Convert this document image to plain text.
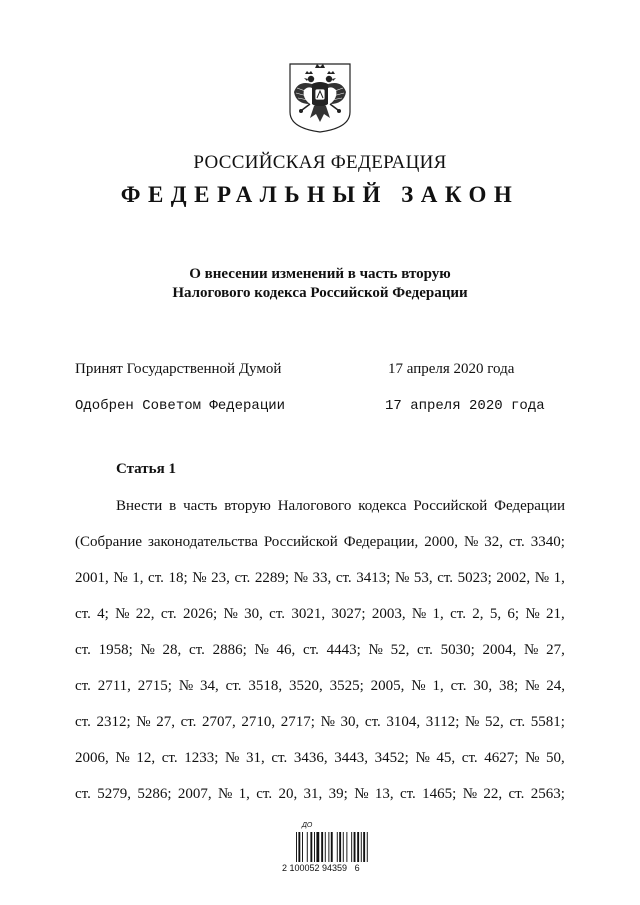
РОССИЙСКАЯ ФЕДЕРАЦИЯ
ФЕДЕРАЛЬНЫЙ ЗАКОН
О внесении изменений в часть вторую
Налогового кодекса Российской Федерации
Принят Государственной Думой	17 апреля 2020 года
Одобрен Советом Федерации	17 апреля 2020 года
Статья 1
Внести в часть вторую Налогового кодекса Российской Федерации
(Собрание законодательства Российской Федерации, 2000, № 32, ст. 3340;
2001, № 1, ст. 18; № 23, ст. 2289; № 33, ст. 3413; № 53, ст. 5023; 2002, № 1,
ст. 4; № 22, ст. 2026; № 30, ст. 3021, 3027; 2003, № 1, ст. 2, 5, 6; № 21,
ст. 1958; № 28, ст. 2886; № 46, ст. 4443; № 52, ст. 5030; 2004, № 27,
ст. 2711, 2715; № 34, ст. 3518, 3520, 3525; 2005, № 1, ст. 30, 38; № 24,
ст. 2312; № 27, ст. 2707, 2710, 2717; № 30, ст. 3104, 3112; № 52, ст. 5581;
2006, № 12, ст. 1233; № 31, ст. 3436, 3443, 3452; № 45, ст. 4627; № 50,
ст. 5279, 5286; 2007, № 1, ст. 20, 31, 39; № 13, ст. 1465; № 22, ст. 2563;
ДО
2 100052 94359   6
